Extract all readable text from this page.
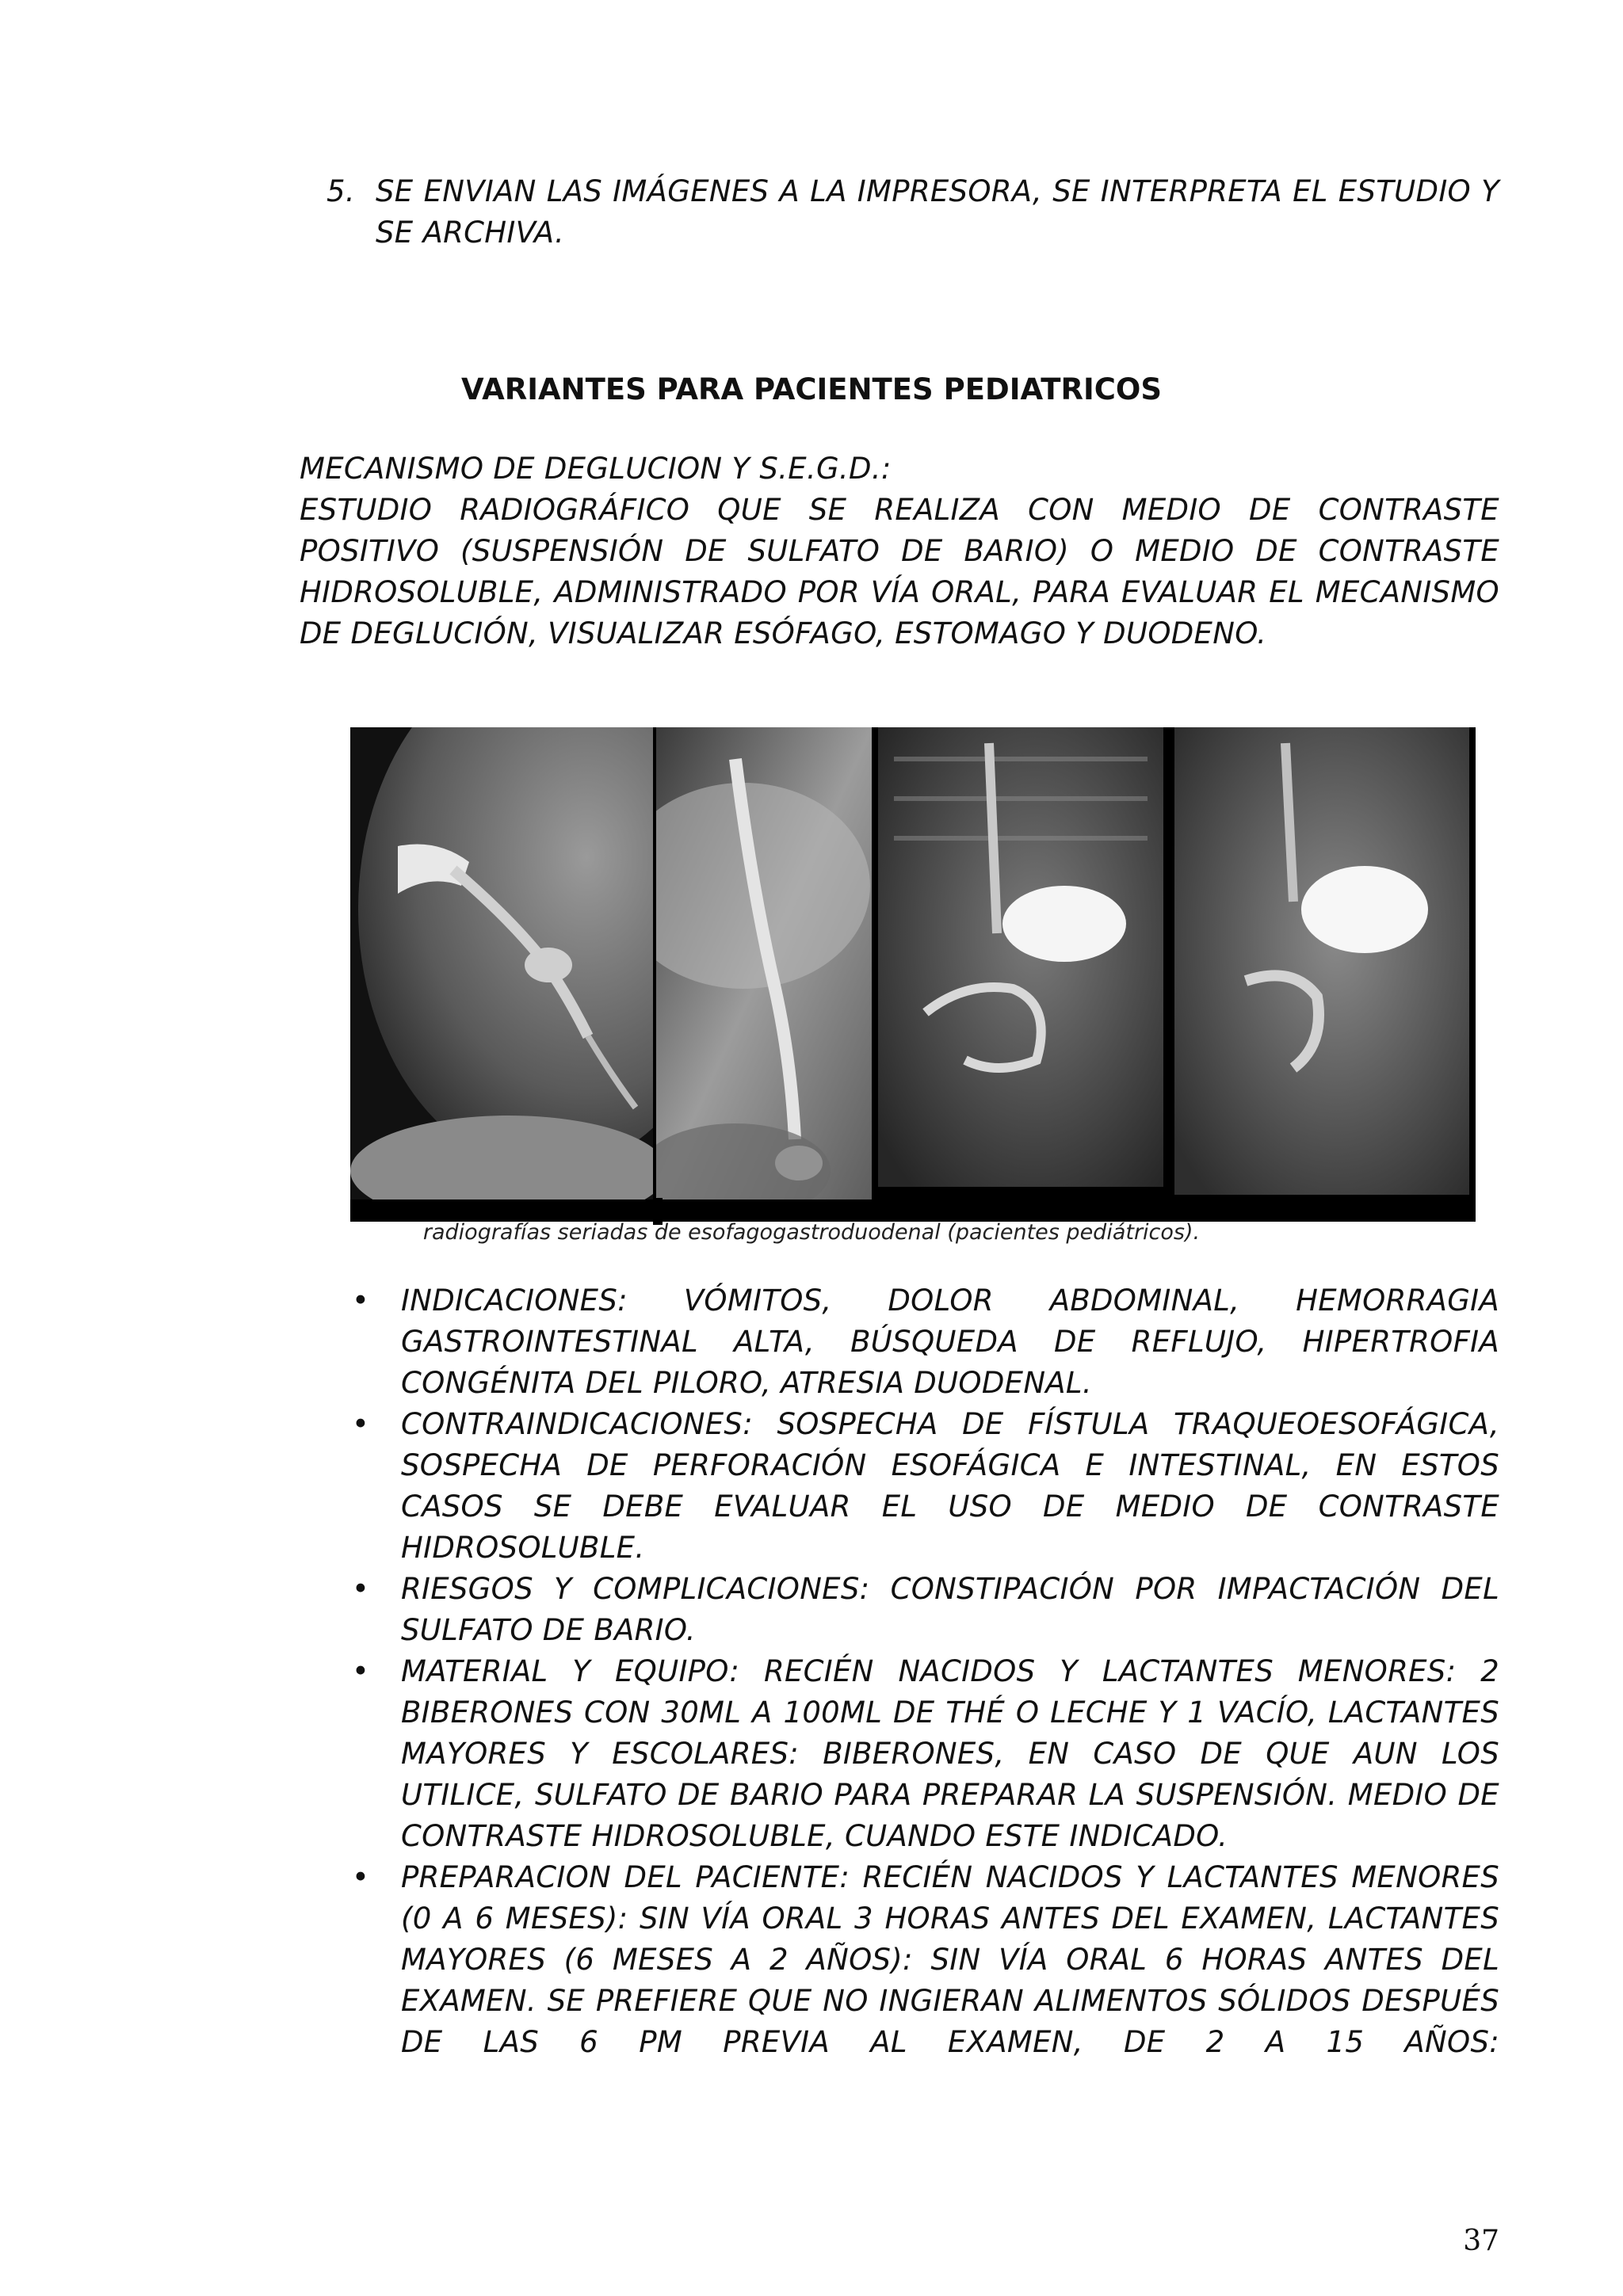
5. SE ENVIAN LAS IMÁGENES A LA IMPRESORA, SE INTERPRETA EL ESTUDIO Y SE ARCHIVA.
VARIANTES PARA PACIENTES PEDIATRICOS

MECANISMO DE DEGLUCION Y S.E.G.D.:

ESTUDIO RADIOGRÁFICO QUE SE REALIZA CON MEDIO DE CONTRASTE POSITIVO (SUSPENSIÓN DE SULFATO DE BARIO) O MEDIO DE CONTRASTE HIDROSOLUBLE, ADMINISTRADO POR VÍA ORAL, PARA EVALUAR EL MECANISMO DE DEGLUCIÓN, VISUALIZAR ESÓFAGO, ESTOMAGO Y DUODENO.

radiografías seriadas de esofagogastroduodenal (pacientes pediátricos).
• INDICACIONES: VÓMITOS, DOLOR ABDOMINAL, HEMORRAGIA GASTROINTESTINAL ALTA, BÚSQUEDA DE REFLUJO, HIPERTROFIA CONGÉNITA DEL PILORO, ATRESIA DUODENAL.
• CONTRAINDICACIONES: SOSPECHA DE FÍSTULA TRAQUEOESOFÁGICA, SOSPECHA DE PERFORACIÓN ESOFÁGICA E INTESTINAL, EN ESTOS CASOS SE DEBE EVALUAR EL USO DE MEDIO DE CONTRASTE HIDROSOLUBLE.
• RIESGOS Y COMPLICACIONES: CONSTIPACIÓN POR IMPACTACIÓN DEL SULFATO DE BARIO.
• MATERIAL Y EQUIPO: RECIÉN NACIDOS Y LACTANTES MENORES: 2 BIBERONES CON 30ML A 100ML DE THÉ O LECHE Y 1 VACÍO, LACTANTES MAYORES Y ESCOLARES: BIBERONES, EN CASO DE QUE AUN LOS UTILICE, SULFATO DE BARIO PARA PREPARAR LA SUSPENSIÓN. MEDIO DE CONTRASTE HIDROSOLUBLE, CUANDO ESTE INDICADO.
• PREPARACION DEL PACIENTE: RECIÉN NACIDOS Y LACTANTES MENORES (0 A 6 MESES): SIN VÍA ORAL 3 HORAS ANTES DEL EXAMEN, LACTANTES MAYORES (6 MESES A 2 AÑOS): SIN VÍA ORAL 6 HORAS ANTES DEL EXAMEN. SE PREFIERE QUE NO INGIERAN ALIMENTOS SÓLIDOS DESPUÉS DE LAS 6 PM PREVIA AL EXAMEN, DE 2 A 15 AÑOS:
37
